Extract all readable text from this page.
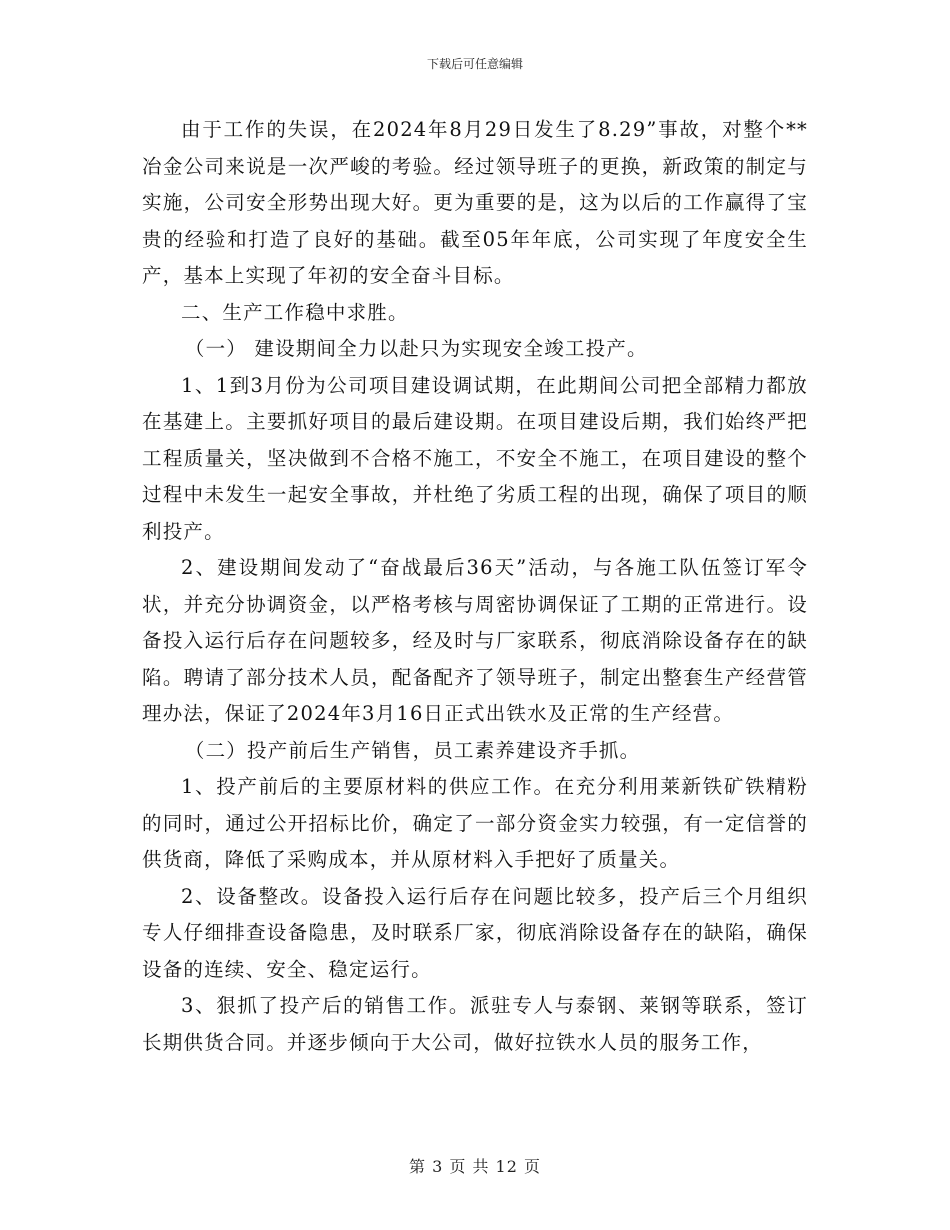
下载后可任意编辑

由于工作的失误，在2024年8月29日发生了8.29”事故，对整个**冶金公司来说是一次严峻的考验。经过领导班子的更换，新政策的制定与实施，公司安全形势出现大好。更为重要的是，这为以后的工作赢得了宝贵的经验和打造了良好的基础。截至05年年底，公司实现了年度安全生产，基本上实现了年初的安全奋斗目标。

二、生产工作稳中求胜。

（一） 建设期间全力以赴只为实现安全竣工投产。

1、1到3月份为公司项目建设调试期，在此期间公司把全部精力都放在基建上。主要抓好项目的最后建设期。在项目建设后期，我们始终严把工程质量关，坚决做到不合格不施工，不安全不施工，在项目建设的整个过程中未发生一起安全事故，并杜绝了劣质工程的出现，确保了项目的顺利投产。

2、建设期间发动了“奋战最后36天”活动，与各施工队伍签订军令状，并充分协调资金，以严格考核与周密协调保证了工期的正常进行。设备投入运行后存在问题较多，经及时与厂家联系，彻底消除设备存在的缺陷。聘请了部分技术人员，配备配齐了领导班子，制定出整套生产经营管理办法，保证了2024年3月16日正式出铁水及正常的生产经营。

（二）投产前后生产销售，员工素养建设齐手抓。

1、投产前后的主要原材料的供应工作。在充分利用莱新铁矿铁精粉的同时，通过公开招标比价，确定了一部分资金实力较强，有一定信誉的供货商，降低了采购成本，并从原材料入手把好了质量关。

2、设备整改。设备投入运行后存在问题比较多，投产后三个月组织专人仔细排查设备隐患，及时联系厂家，彻底消除设备存在的缺陷，确保设备的连续、安全、稳定运行。

3、狠抓了投产后的销售工作。派驻专人与泰钢、莱钢等联系，签订长期供货合同。并逐步倾向于大公司，做好拉铁水人员的服务工作，

第 3 页 共 12 页
